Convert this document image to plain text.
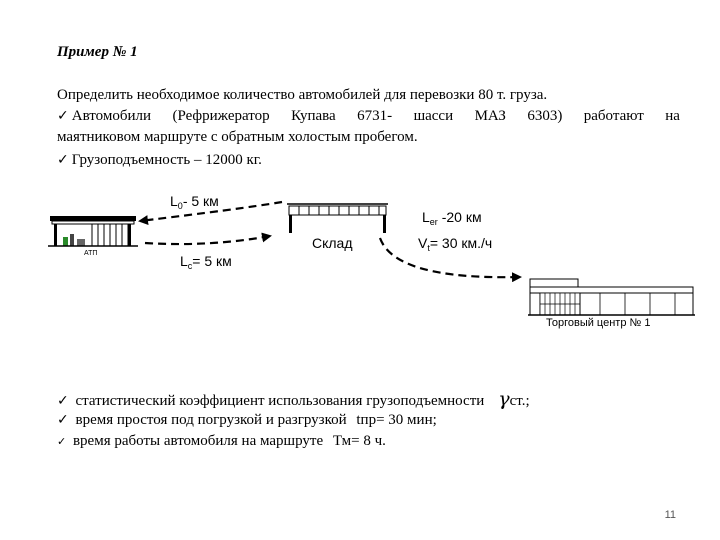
Пример № 1
Определить необходимое количество автомобилей для перевозки 80 т. груза.
✓ Автомобили (Рефрижератор Купава 6731- шасси МАЗ 6303) работают на
маятниковом маршруте с обратным холостым пробегом.
✓ Грузоподъемность – 12000 кг.
АТП
Склад
Торговый центр № 1
$L_0-$ 5 км
$L_c= 5$ км
$L_{er}$ -20 км
$V_t= 30$ км./ч
✓ статистический коэффициент использования грузоподъемности γст.;
✓ время простоя под погрузкой и разгрузкой tпр= 30 мин;
✓ время работы автомобиля на маршруте Тм= 8 ч.
11
